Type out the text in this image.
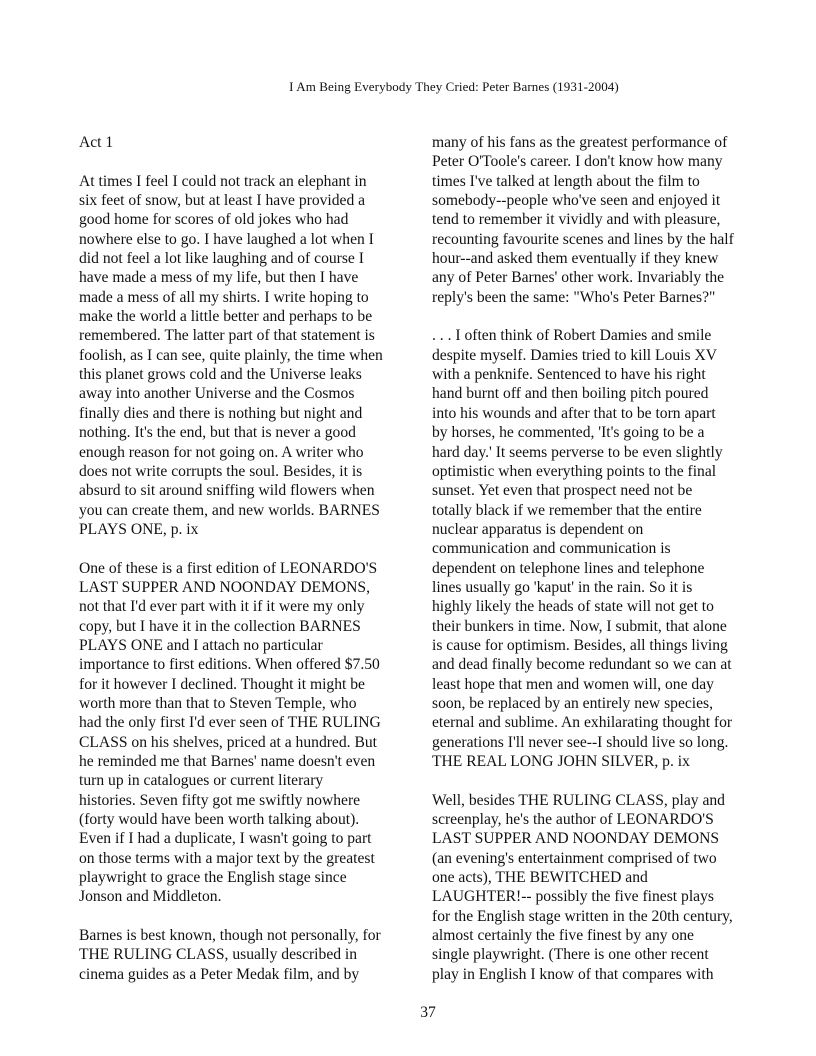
I Am Being Everybody They Cried: Peter Barnes (1931-2004)

Act 1

At times I feel I could not track an elephant in
six feet of snow, but at least I have provided a
good home for scores of old jokes who had
nowhere else to go. I have laughed a lot when I
did not feel a lot like laughing and of course I
have made a mess of my life, but then I have
made a mess of all my shirts. I write hoping to
make the world a little better and perhaps to be
remembered. The latter part of that statement is
foolish, as I can see, quite plainly, the time when
this planet grows cold and the Universe leaks
away into another Universe and the Cosmos
finally dies and there is nothing but night and
nothing. It's the end, but that is never a good
enough reason for not going on. A writer who
does not write corrupts the soul. Besides, it is
absurd to sit around sniffing wild flowers when
you can create them, and new worlds. BARNES
PLAYS ONE, p. ix

One of these is a first edition of LEONARDO'S
LAST SUPPER AND NOONDAY DEMONS,
not that I'd ever part with it if it were my only
copy, but I have it in the collection BARNES
PLAYS ONE and I attach no particular
importance to first editions. When offered $7.50
for it however I declined. Thought it might be
worth more than that to Steven Temple, who
had the only first I'd ever seen of THE RULING
CLASS on his shelves, priced at a hundred. But
he reminded me that Barnes' name doesn't even
turn up in catalogues or current literary
histories. Seven fifty got me swiftly nowhere
(forty would have been worth talking about).
Even if I had a duplicate, I wasn't going to part
on those terms with a major text by the greatest
playwright to grace the English stage since
Jonson and Middleton.

Barnes is best known, though not personally, for
THE RULING CLASS, usually described in
cinema guides as a Peter Medak film, and by

many of his fans as the greatest performance of
Peter O'Toole's career. I don't know how many
times I've talked at length about the film to
somebody--people who've seen and enjoyed it
tend to remember it vividly and with pleasure,
recounting favourite scenes and lines by the half
hour--and asked them eventually if they knew
any of Peter Barnes' other work. Invariably the
reply's been the same: "Who's Peter Barnes?"

. . . I often think of Robert Damies and smile
despite myself. Damies tried to kill Louis XV
with a penknife. Sentenced to have his right
hand burnt off and then boiling pitch poured
into his wounds and after that to be torn apart
by horses, he commented, 'It's going to be a
hard day.' It seems perverse to be even slightly
optimistic when everything points to the final
sunset. Yet even that prospect need not be
totally black if we remember that the entire
nuclear apparatus is dependent on
communication and communication is
dependent on telephone lines and telephone
lines usually go 'kaput' in the rain. So it is
highly likely the heads of state will not get to
their bunkers in time. Now, I submit, that alone
is cause for optimism. Besides, all things living
and dead finally become redundant so we can at
least hope that men and women will, one day
soon, be replaced by an entirely new species,
eternal and sublime. An exhilarating thought for
generations I'll never see--I should live so long.
THE REAL LONG JOHN SILVER, p. ix

Well, besides THE RULING CLASS, play and
screenplay, he's the author of LEONARDO'S
LAST SUPPER AND NOONDAY DEMONS
(an evening's entertainment comprised of two
one acts), THE BEWITCHED and
LAUGHTER!-- possibly the five finest plays
for the English stage written in the 20th century,
almost certainly the five finest by any one
single playwright. (There is one other recent
play in English I know of that compares with

37
